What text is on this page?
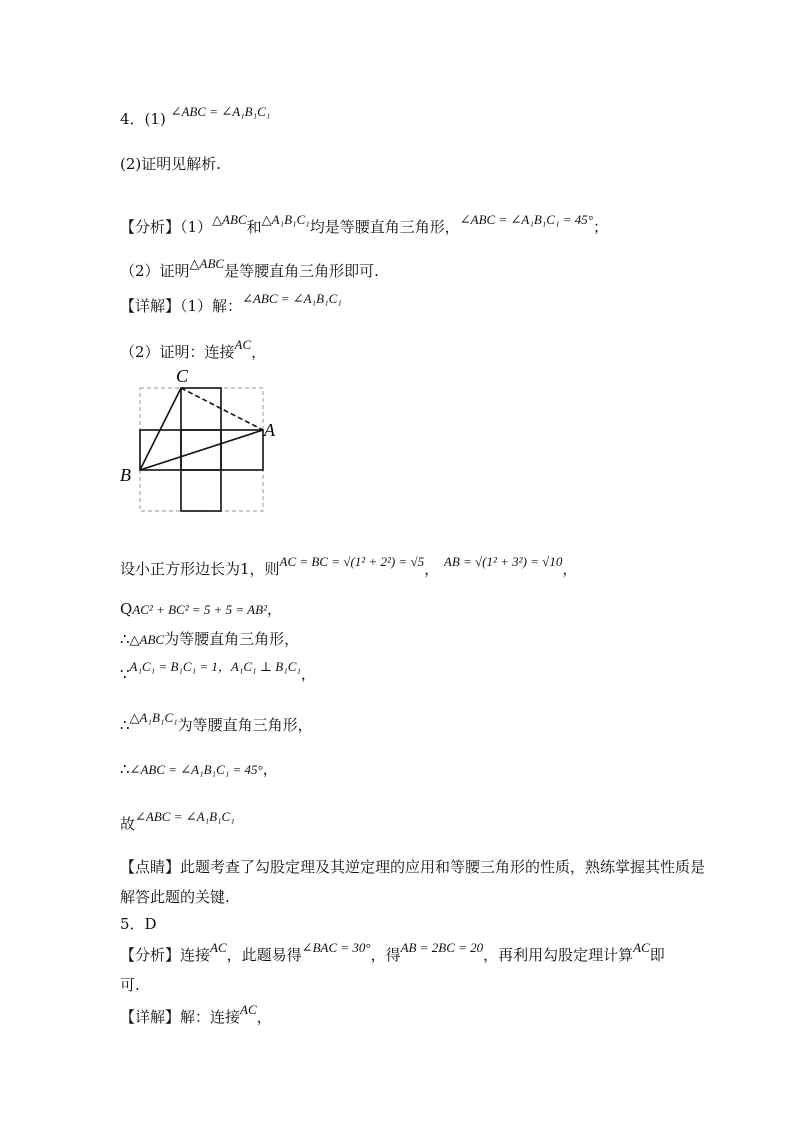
4．(1) ∠ABC = ∠A₁B₁C₁
(2)证明见解析.
【分析】（1）△ABC和△A₁B₁C₁均是等腰直角三角形，∠ABC = ∠A₁B₁C₁ = 45°；
（2）证明△ABC是等腰直角三角形即可.
【详解】（1）解：∠ABC = ∠A₁B₁C₁
（2）证明：连接AC，
C
A
B
设小正方形边长为1，则AC = BC = √(1² + 2²) = √5， AB = √(1² + 3²) = √10，
QAC² + BC² = 5 + 5 = AB²，
∴△ABC为等腰直角三角形，
∵A₁C₁ = B₁C₁ = 1，A₁C₁ ⊥ B₁C₁，
∴△A₁B₁C₁为等腰直角三角形，
∴∠ABC = ∠A₁B₁C₁ = 45°，
故∠ABC = ∠A₁B₁C₁
【点睛】此题考查了勾股定理及其逆定理的应用和等腰三角形的性质，熟练掌握其性质是
解答此题的关键.
5．D
【分析】连接AC，此题易得∠BAC = 30°，得AB = 2BC = 20，再利用勾股定理计算AC即
可.
【详解】解：连接AC，
